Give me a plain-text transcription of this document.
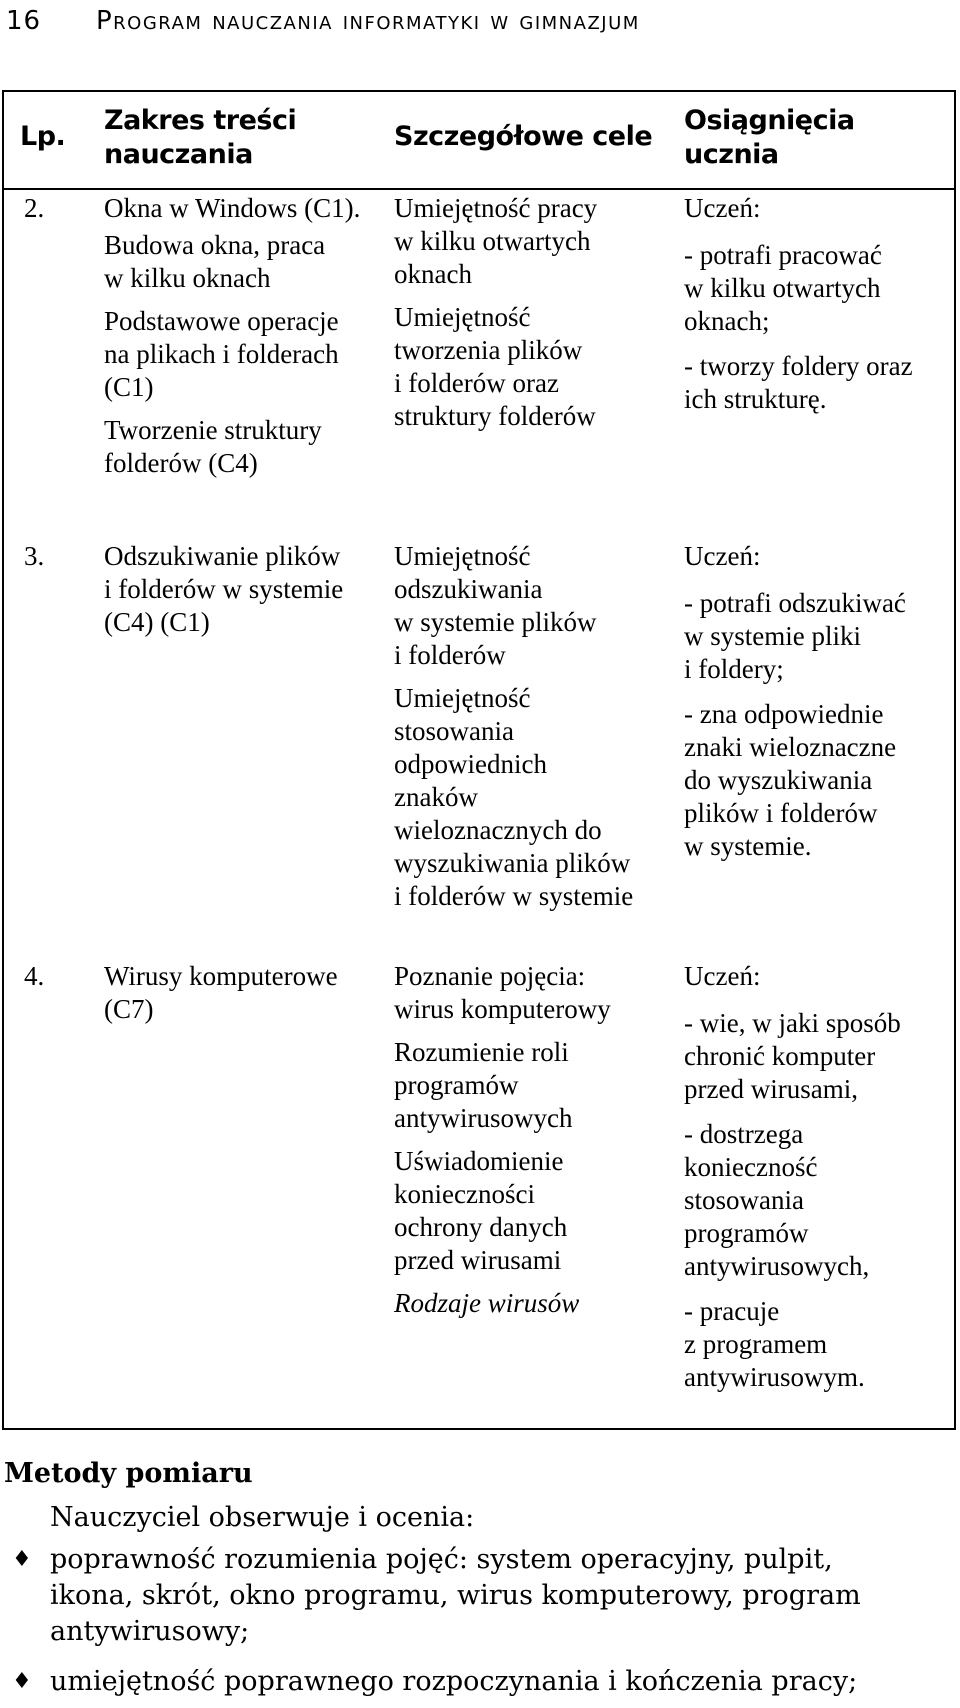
16 Program nauczania informatyki w gimnazjum
Lp.
Zakres treści
nauczania
Szczegółowe cele
Osiągnięcia
ucznia
2. Okna w Windows (C1).
Budowa okna, praca
w kilku oknach
Podstawowe operacje
na plikach i folderach
(C1)
Tworzenie struktury
folderów (C4)
Umiejętność pracy
w kilku otwartych
oknach
Umiejętność
tworzenia plików
i folderów oraz
struktury folderów
Uczeń:
- potrafi pracować
w kilku otwartych
oknach;
- tworzy foldery oraz
ich strukturę.
3. Odszukiwanie plików
i folderów w systemie
(C4) (C1)
Umiejętność
odszukiwania
w systemie plików
i folderów
Umiejętność
stosowania
odpowiednich
znaków
wieloznacznych do
wyszukiwania plików
i folderów w systemie
Uczeń:
- potrafi odszukiwać
w systemie pliki
i foldery;
- zna odpowiednie
znaki wieloznaczne
do wyszukiwania
plików i folderów
w systemie.
4. Wirusy komputerowe
(C7)
Poznanie pojęcia:
wirus komputerowy
Rozumienie roli
programów
antywirusowych
Uświadomienie
konieczności
ochrony danych
przed wirusami
Rodzaje wirusów
Uczeń:
- wie, w jaki sposób
chronić komputer
przed wirusami,
- dostrzega
konieczność
stosowania
programów
antywirusowych,
- pracuje
z programem
antywirusowym.
Metody pomiaru
Nauczyciel obserwuje i ocenia:
♦ poprawność rozumienia pojęć: system operacyjny, pulpit,
ikona, skrót, okno programu, wirus komputerowy, program
antywirusowy;
♦ umiejętność poprawnego rozpoczynania i kończenia pracy;
